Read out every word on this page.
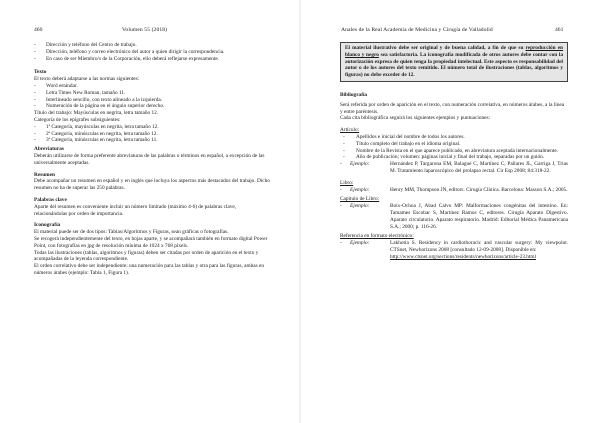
460	Volumen 55 (2018)
- Dirección y teléfono del Centro de trabajo.
- Dirección, teléfono y correo electrónico del autor a quien dirigir la correspondencia.
- En caso de ser Miembro/s de la Corporación, ello deberá reflejarse expresamente.
Texto
El texto deberá adaptarse a las normas siguientes:
- Word estándar.
- Letra Times New Roman, tamaño 11.
- Interlineado sencillo, con texto alineado a la izquierda.
- Numeración de la página en el ángulo superior derecho.
Título del trabajo: Mayúsculas en negrita, letra tamaño 12.
Categoría de los epígrafes subsiguientes:
- 1ª Categoría, mayúsculas en negrita, letra tamaño 12.
- 2ª Categoría, minúsculas en negrita, letra tamaño 12.
- 3ª Categoría, minúsculas en negrita, letra tamaño 11.
Abreviaturas
Deberán utilizarse de forma preferente abreviaturas de las palabras o términos en español, a excepción de las universalmente aceptadas.
Resumen
Debe acompañar un resumen en español y en inglés que incluya los aspectos más destacados del trabajo. Dicho resumen no ha de superar las 250 palabras.
Palabras clave
Aparte del resumen es conveniente incluir un número limitado (máximo 4-6) de palabras clave, relacionándolas por orden de importancia.
Iconografía
El material puede ser de dos tipos: Tablas/Algoritmos y Figuras, sean gráficas o fotografías.
Se recogerá independientemente del texto, en hojas aparte, y se acompañará también en formato digital Power Point, con fotografías en jpg de resolución mínima de 1024 x 768 píxels.
Todas las ilustraciones (tablas, algoritmos y figuras) deben ser citadas por orden de aparición en el texto y acompañadas de la leyenda correspondiente.
El orden correlativo debe ser independiente; una numeración para las tablas y otra para las figuras, ambas en números árabes (ejemplo: Tabla 1, Figura 1).
Anales de la Real Academia de Medicina y Cirugía de Valladolid	461
El material ilustrativo debe ser original y de buena calidad, a fin de que su reproducción en blanco y negro sea satisfactoria. La iconografía modificada de otros autores debe contar con la autorización expresa de quien tenga la propiedad intelectual. Este aspecto es responsabilidad del autor o de los autores del texto remitido. El número total de ilustraciones (tablas, algoritmos y figuras) no debe exceder de 12.
Bibliografía
Será referida por orden de aparición en el texto, con numeración correlativa, en números árabes, a la línea y entre paréntesis.
Cada cita bibliográfica seguirá los siguientes ejemplos y puntuaciones:
Artículo:
- Apellidos e inicial del nombre de todos los autores.
- Título completo del trabajo en el idioma original.
- Nombre de la Revista en el que aparece publicado, en abreviatura aceptada internacionalmente.
- Año de publicación; volumen: páginas inicial y final del trabajo, separadas por un guión.
- Ejemplo:	Hernández P, Targarona EM, Balagué C, Martínez C, Pallares JL, Garriga J, Trias M. Tratamiento laparoscópico del prolapso rectal. Cir Esp 2008; 84:318-22.
Libro:
- Ejemplo:	Henry MM, Thompson JN, editors. Cirugía Clínica. Barcelona: Masson S.A.; 2005.
Capítulo de Libro:
- Ejemplo:	Boix-Ochoa J, Abad Calvo MP: Malformaciones congénitas del intestino. En: Tamames Escobar S, Martínez Ramos C, editores. Cirugía Aparato Digestivo. Aparato circulatorio. Aparato respiratorio. Madrid: Editorial Médica Panamericana S.A.; 2000; p. 116-26.
Referencia en formato electrónico:
- Ejemplo:	Lakhotia S. Residency in cardiothoracic and vascular surgery: My viewpoint. CTSnet, Newhorizons 2008 [consultado 12-09-2008]. Disponible en:
http://www.ctsnet.org/sections/residents/newhorizons/article-23.html
